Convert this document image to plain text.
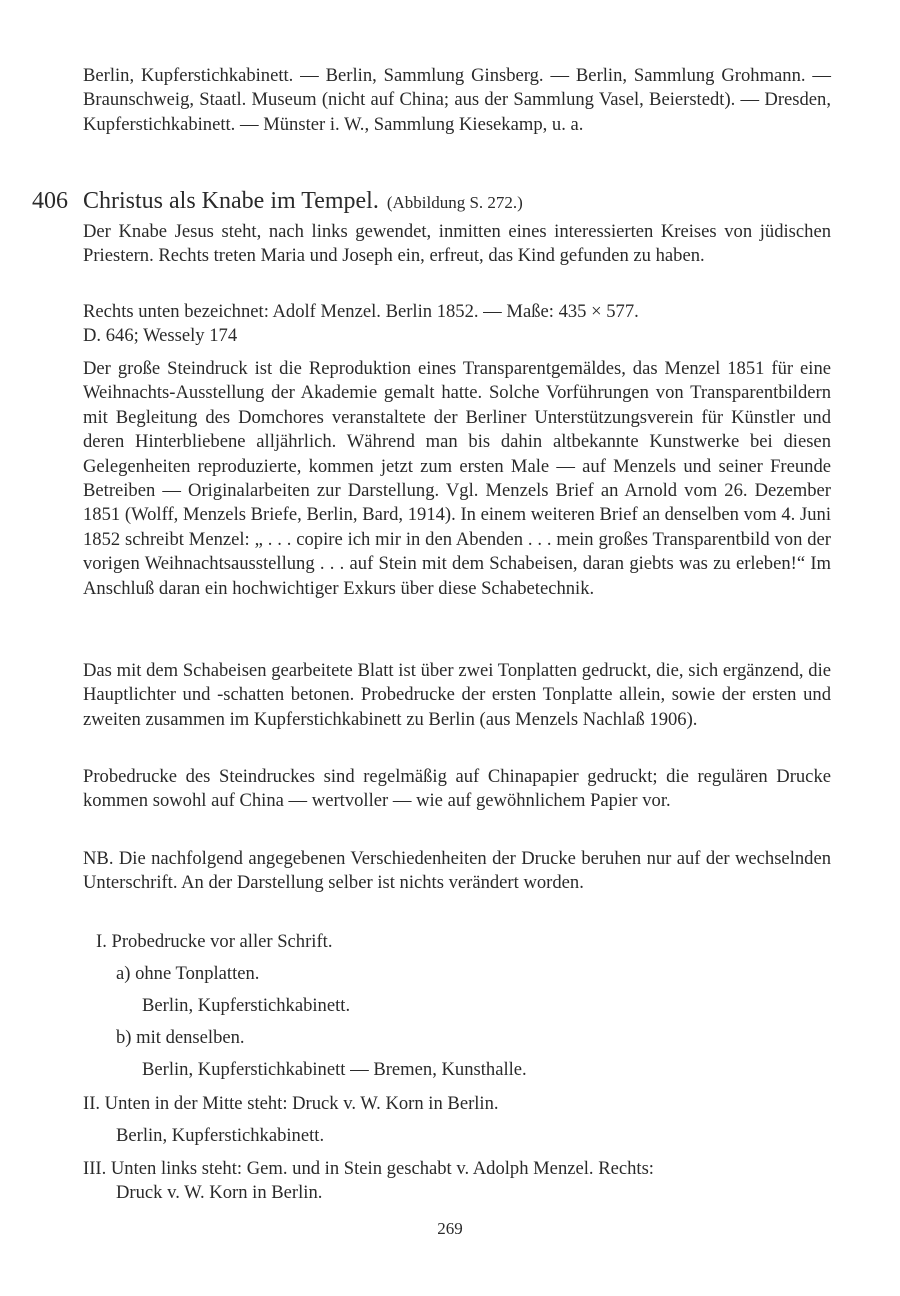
Berlin, Kupferstichkabinett. — Berlin, Sammlung Ginsberg. — Berlin, Sammlung Grohmann. — Braunschweig, Staatl. Museum (nicht auf China; aus der Sammlung Vasel, Beierstedt). — Dresden, Kupferstichkabinett. — Münster i. W., Sammlung Kiesekamp, u. a.

406 Christus als Knabe im Tempel. (Abbildung S. 272.)

Der Knabe Jesus steht, nach links gewendet, inmitten eines interessierten Kreises von jüdischen Priestern. Rechts treten Maria und Joseph ein, erfreut, das Kind gefunden zu haben.

Rechts unten bezeichnet: Adolf Menzel. Berlin 1852. — Maße: 435 × 577.

D. 646; Wessely 174

Der große Steindruck ist die Reproduktion eines Transparentgemäldes, das Menzel 1851 für eine Weihnachts-Ausstellung der Akademie gemalt hatte. Solche Vorführungen von Transparentbildern mit Begleitung des Domchores veranstaltete der Berliner Unterstützungsverein für Künstler und deren Hinterbliebene alljährlich. Während man bis dahin altbekannte Kunstwerke bei diesen Gelegenheiten reproduzierte, kommen jetzt zum ersten Male — auf Menzels und seiner Freunde Betreiben — Originalarbeiten zur Darstellung. Vgl. Menzels Brief an Arnold vom 26. Dezember 1851 (Wolff, Menzels Briefe, Berlin, Bard, 1914). In einem weiteren Brief an denselben vom 4. Juni 1852 schreibt Menzel: „ . . . copire ich mir in den Abenden . . . mein großes Transparentbild von der vorigen Weihnachtsausstellung . . . auf Stein mit dem Schabeisen, daran giebts was zu erleben!“ Im Anschluß daran ein hochwichtiger Exkurs über diese Schabetechnik.

Das mit dem Schabeisen gearbeitete Blatt ist über zwei Tonplatten gedruckt, die, sich ergänzend, die Hauptlichter und -schatten betonen. Probedrucke der ersten Tonplatte allein, sowie der ersten und zweiten zusammen im Kupferstichkabinett zu Berlin (aus Menzels Nachlaß 1906).

Probedrucke des Steindruckes sind regelmäßig auf Chinapapier gedruckt; die regulären Drucke kommen sowohl auf China — wertvoller — wie auf gewöhnlichem Papier vor.

NB. Die nachfolgend angegebenen Verschiedenheiten der Drucke beruhen nur auf der wechselnden Unterschrift. An der Darstellung selber ist nichts verändert worden.

I. Probedrucke vor aller Schrift.
a) ohne Tonplatten.
Berlin, Kupferstichkabinett.
b) mit denselben.
Berlin, Kupferstichkabinett — Bremen, Kunsthalle.
II. Unten in der Mitte steht: Druck v. W. Korn in Berlin.
Berlin, Kupferstichkabinett.
III. Unten links steht: Gem. und in Stein geschabt v. Adolph Menzel. Rechts:
Druck v. W. Korn in Berlin.
269
